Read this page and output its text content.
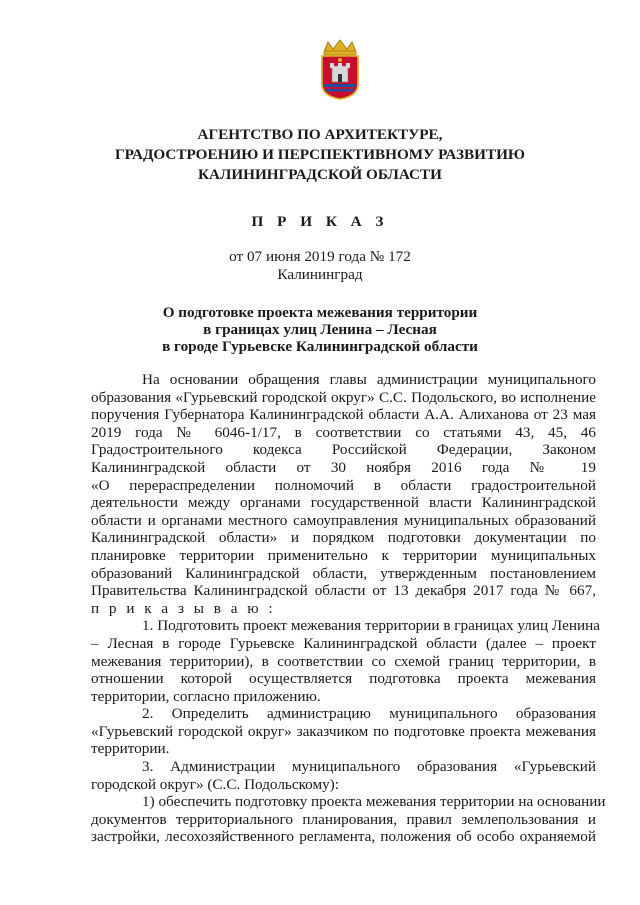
АГЕНТСТВО ПО АРХИТЕКТУРЕ,
ГРАДОСТРОЕНИЮ И ПЕРСПЕКТИВНОМУ РАЗВИТИЮ
КАЛИНИНГРАДСКОЙ ОБЛАСТИ
П Р И К А З
от 07 июня 2019 года № 172
Калининград
О подготовке проекта межевания территории
в границах улиц Ленина – Лесная
в городе Гурьевске Калининградской области
На основании обращения главы администрации муниципального
образования «Гурьевский городской округ» С.С. Подольского, во исполнение
поручения Губернатора Калининградской области А.А. Алиханова от 23 мая
2019 года № 6046-1/17, в соответствии со статьями 43, 45, 46
Градостроительного кодекса Российской Федерации, Законом
Калининградской области от 30 ноября 2016 года № 19
«О перераспределении полномочий в области градостроительной
деятельности между органами государственной власти Калининградской
области и органами местного самоуправления муниципальных образований
Калининградской области» и порядком подготовки документации по
планировке территории применительно к территории муниципальных
образований Калининградской области, утвержденным постановлением
Правительства Калининградской области от 13 декабря 2017 года № 667,
п р и к а з ы в а ю :
1. Подготовить проект межевания территории в границах улиц Ленина
– Лесная в городе Гурьевске Калининградской области (далее – проект
межевания территории), в соответствии со схемой границ территории, в
отношении которой осуществляется подготовка проекта межевания
территории, согласно приложению.
2. Определить администрацию муниципального образования
«Гурьевский городской округ» заказчиком по подготовке проекта межевания
территории.
3. Администрации муниципального образования «Гурьевский
городской округ» (С.С. Подольскому):
1) обеспечить подготовку проекта межевания территории на основании
документов территориального планирования, правил землепользования и
застройки, лесохозяйственного регламента, положения об особо охраняемой
